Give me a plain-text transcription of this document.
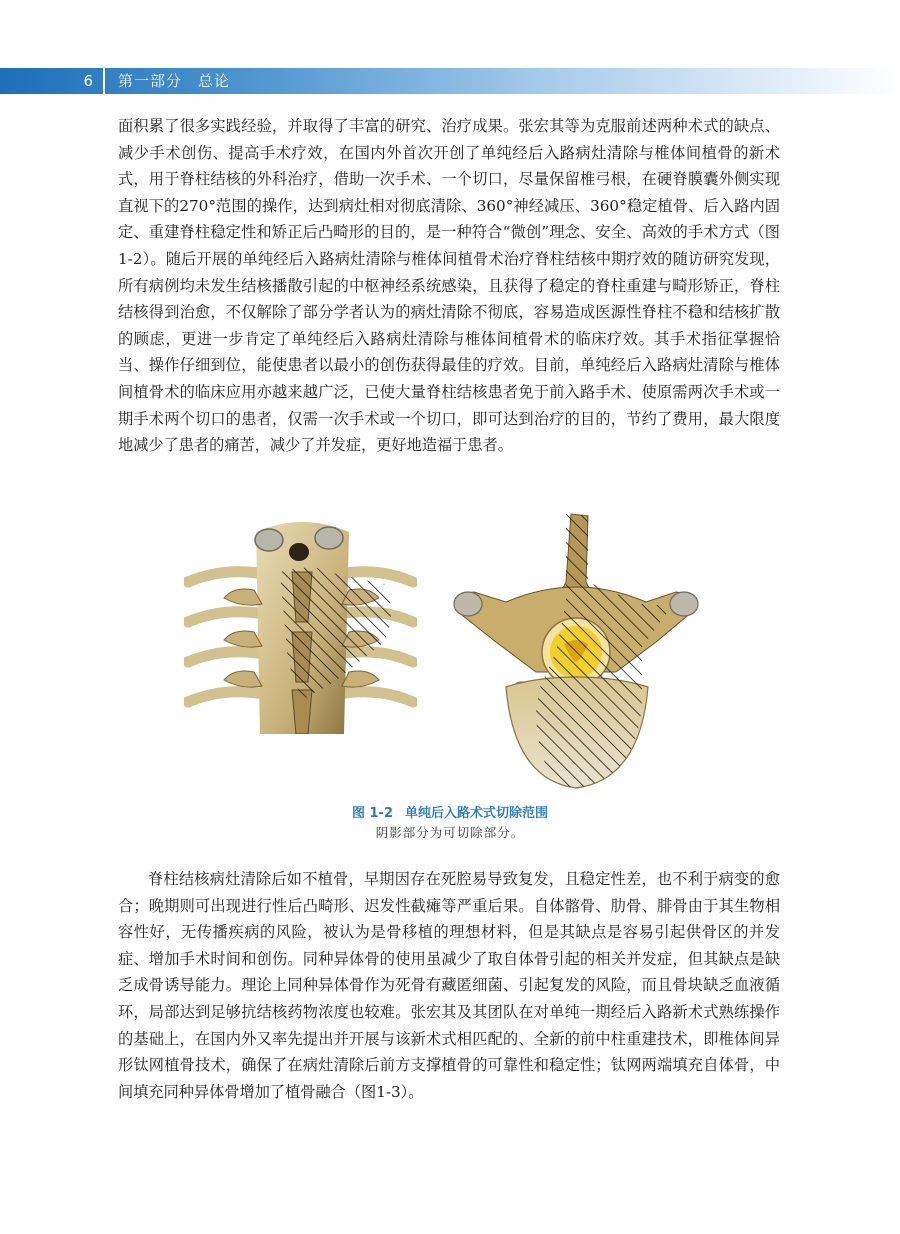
6	第一部分　总论

面积累了很多实践经验，并取得了丰富的研究、治疗成果。张宏其等为克服前述两种术式的缺点、减少手术创伤、提高手术疗效，在国内外首次开创了单纯经后入路病灶清除与椎体间植骨的新术式，用于脊柱结核的外科治疗，借助一次手术、一个切口，尽量保留椎弓根，在硬脊膜囊外侧实现直视下的270°范围的操作，达到病灶相对彻底清除、360°神经减压、360°稳定植骨、后入路内固定、重建脊柱稳定性和矫正后凸畸形的目的，是一种符合“微创”理念、安全、高效的手术方式（图1-2）。随后开展的单纯经后入路病灶清除与椎体间植骨术治疗脊柱结核中期疗效的随访研究发现，所有病例均未发生结核播散引起的中枢神经系统感染，且获得了稳定的脊柱重建与畸形矫正，脊柱结核得到治愈，不仅解除了部分学者认为的病灶清除不彻底，容易造成医源性脊柱不稳和结核扩散的顾虑，更进一步肯定了单纯经后入路病灶清除与椎体间植骨术的临床疗效。其手术指征掌握恰当、操作仔细到位，能使患者以最小的创伤获得最佳的疗效。目前，单纯经后入路病灶清除与椎体间植骨术的临床应用亦越来越广泛，已使大量脊柱结核患者免于前入路手术、使原需两次手术或一期手术两个切口的患者，仅需一次手术或一个切口，即可达到治疗的目的，节约了费用，最大限度地减少了患者的痛苦，减少了并发症，更好地造福于患者。

图 1-2 单纯后入路术式切除范围
阴影部分为可切除部分。

脊柱结核病灶清除后如不植骨，早期因存在死腔易导致复发，且稳定性差，也不利于病变的愈合；晚期则可出现进行性后凸畸形、迟发性截瘫等严重后果。自体髂骨、肋骨、腓骨由于其生物相容性好，无传播疾病的风险，被认为是骨移植的理想材料，但是其缺点是容易引起供骨区的并发症、增加手术时间和创伤。同种异体骨的使用虽减少了取自体骨引起的相关并发症，但其缺点是缺乏成骨诱导能力。理论上同种异体骨作为死骨有藏匿细菌、引起复发的风险，而且骨块缺乏血液循环，局部达到足够抗结核药物浓度也较难。张宏其及其团队在对单纯一期经后入路新术式熟练操作的基础上，在国内外又率先提出并开展与该新术式相匹配的、全新的前中柱重建技术，即椎体间异形钛网植骨技术，确保了在病灶清除后前方支撑植骨的可靠性和稳定性；钛网两端填充自体骨，中间填充同种异体骨增加了植骨融合（图1-3）。
